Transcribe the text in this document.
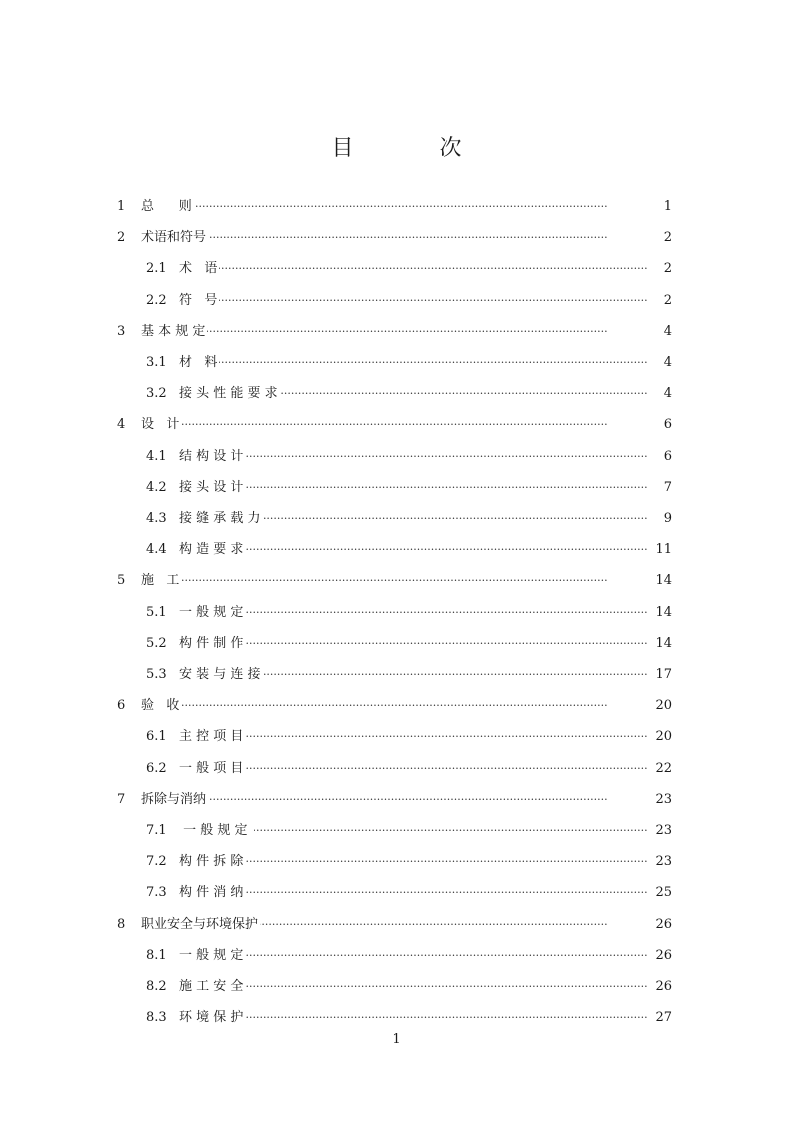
目  次
1 ····· 总      则	1
2 ····· 术语和符号	2
2.1 ····· 术   语	2
2.2 ····· 符   号	2
3 ····· 基 本 规 定	4
3.1 ····· 材   料	4
3.2 ····· 接 头 性 能 要 求	4
4 ····· 设   计	6
4.1 ····· 结 构 设 计	6
4.2 ····· 接 头 设 计	7
4.3 ····· 接 缝 承 载 力	9
4.4 ····· 构 造 要 求	11
5 ····· 施   工	14
5.1 ····· 一 般 规 定	14
5.2 ····· 构 件 制 作	14
5.3 ····· 安 装 与 连 接	17
6 ····· 验   收	20
6.1 ····· 主 控 项 目	20
6.2 ····· 一 般 项 目	22
7 ····· 拆除与消纳	23
7.1 ····· 一 般 规 定	23
7.2 ····· 构 件 拆 除	23
7.3 ····· 构 件 消 纳	25
8 ····· 职业安全与环境保护	26
8.1 ····· 一 般 规 定	26
8.2 ····· 施 工 安 全	26
8.3 ····· 环 境 保 护	27
1
